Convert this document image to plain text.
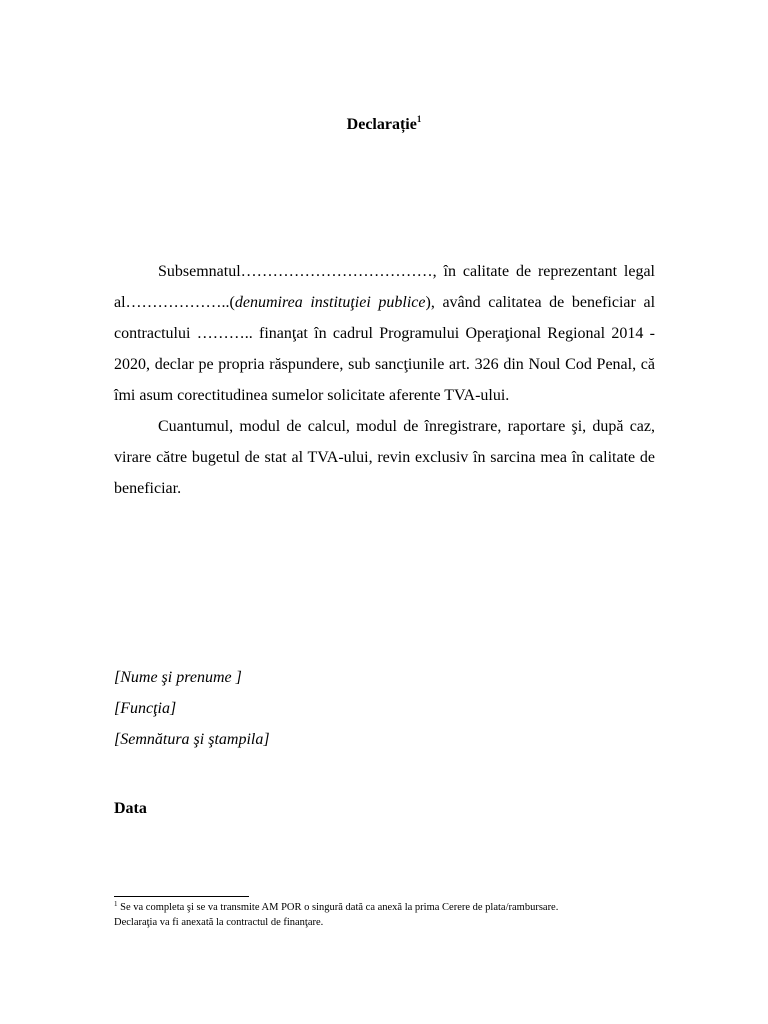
Declarație$^1$

Subsemnatul………………………………, în calitate de reprezentant legal al………………..(denumirea instituţiei publice), având calitatea de beneficiar al contractului ……….. finanţat în cadrul Programului Operaţional Regional 2014 - 2020, declar pe propria răspundere, sub sancţiunile art. 326 din Noul Cod Penal, că îmi asum corectitudinea sumelor solicitate aferente TVA-ului.

Cuantumul, modul de calcul, modul de înregistrare, raportare şi, după caz, virare către bugetul de stat al TVA-ului, revin exclusiv în sarcina mea în calitate de beneficiar.

[Nume şi prenume ]
[Funcţia]
[Semnătura şi ştampila]
Data
$^1$ Se va completa şi se va transmite AM POR o singură dată ca anexă la prima Cerere de plata/rambursare.
Declaraţia va fi anexată la contractul de finanţare.
